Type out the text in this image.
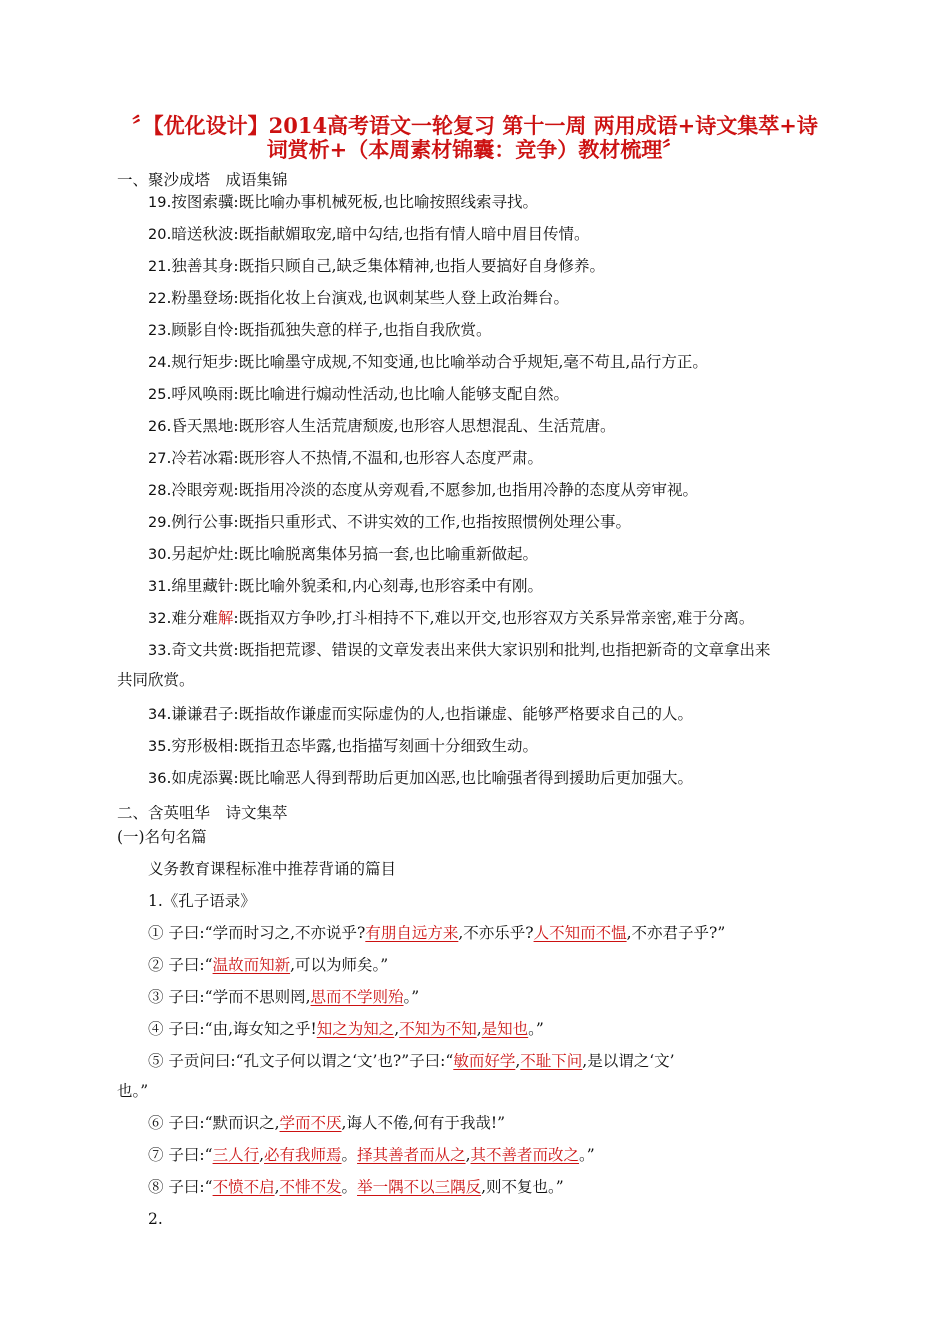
〞【优化设计】2014高考语文一轮复习 第十一周 两用成语+诗文集萃+诗
词赏析+（本周素材锦囊：竞争）教材梳理〞
一、聚沙成塔　成语集锦
19.按图索骥:既比喻办事机械死板,也比喻按照线索寻找。
20.暗送秋波:既指献媚取宠,暗中勾结,也指有情人暗中眉目传情。
21.独善其身:既指只顾自己,缺乏集体精神,也指人要搞好自身修养。
22.粉墨登场:既指化妆上台演戏,也讽刺某些人登上政治舞台。
23.顾影自怜:既指孤独失意的样子,也指自我欣赏。
24.规行矩步:既比喻墨守成规,不知变通,也比喻举动合乎规矩,毫不苟且,品行方正。
25.呼风唤雨:既比喻进行煽动性活动,也比喻人能够支配自然。
26.昏天黑地:既形容人生活荒唐颓废,也形容人思想混乱、生活荒唐。
27.冷若冰霜:既形容人不热情,不温和,也形容人态度严肃。
28.冷眼旁观:既指用冷淡的态度从旁观看,不愿参加,也指用冷静的态度从旁审视。
29.例行公事:既指只重形式、不讲实效的工作,也指按照惯例处理公事。
30.另起炉灶:既比喻脱离集体另搞一套,也比喻重新做起。
31.绵里藏针:既比喻外貌柔和,内心刻毒,也形容柔中有刚。
32.难分难解:既指双方争吵,打斗相持不下,难以开交,也形容双方关系异常亲密,难于分离。
33.奇文共赏:既指把荒谬、错误的文章发表出来供大家识别和批判,也指把新奇的文章拿出来
共同欣赏。
34.谦谦君子:既指故作谦虚而实际虚伪的人,也指谦虚、能够严格要求自己的人。
35.穷形极相:既指丑态毕露,也指描写刻画十分细致生动。
36.如虎添翼:既比喻恶人得到帮助后更加凶恶,也比喻强者得到援助后更加强大。
二、含英咀华　诗文集萃
(一)名句名篇
义务教育课程标准中推荐背诵的篇目
1.《孔子语录》
① 子曰:“学而时习之,不亦说乎?有朋自远方来,不亦乐乎?人不知而不愠,不亦君子乎?”
② 子曰:“温故而知新,可以为师矣。”
③ 子曰:“学而不思则罔,思而不学则殆。”
④ 子曰:“由,诲女知之乎!知之为知之,不知为不知,是知也。”
⑤ 子贡问曰:“孔文子何以谓之‘文’也?”子曰:“敏而好学,不耻下问,是以谓之‘文’
也。”
⑥ 子曰:“默而识之,学而不厌,诲人不倦,何有于我哉!”
⑦ 子曰:“三人行,必有我师焉。择其善者而从之,其不善者而改之。”
⑧ 子曰:“不愤不启,不悱不发。举一隅不以三隅反,则不复也。”
2.
